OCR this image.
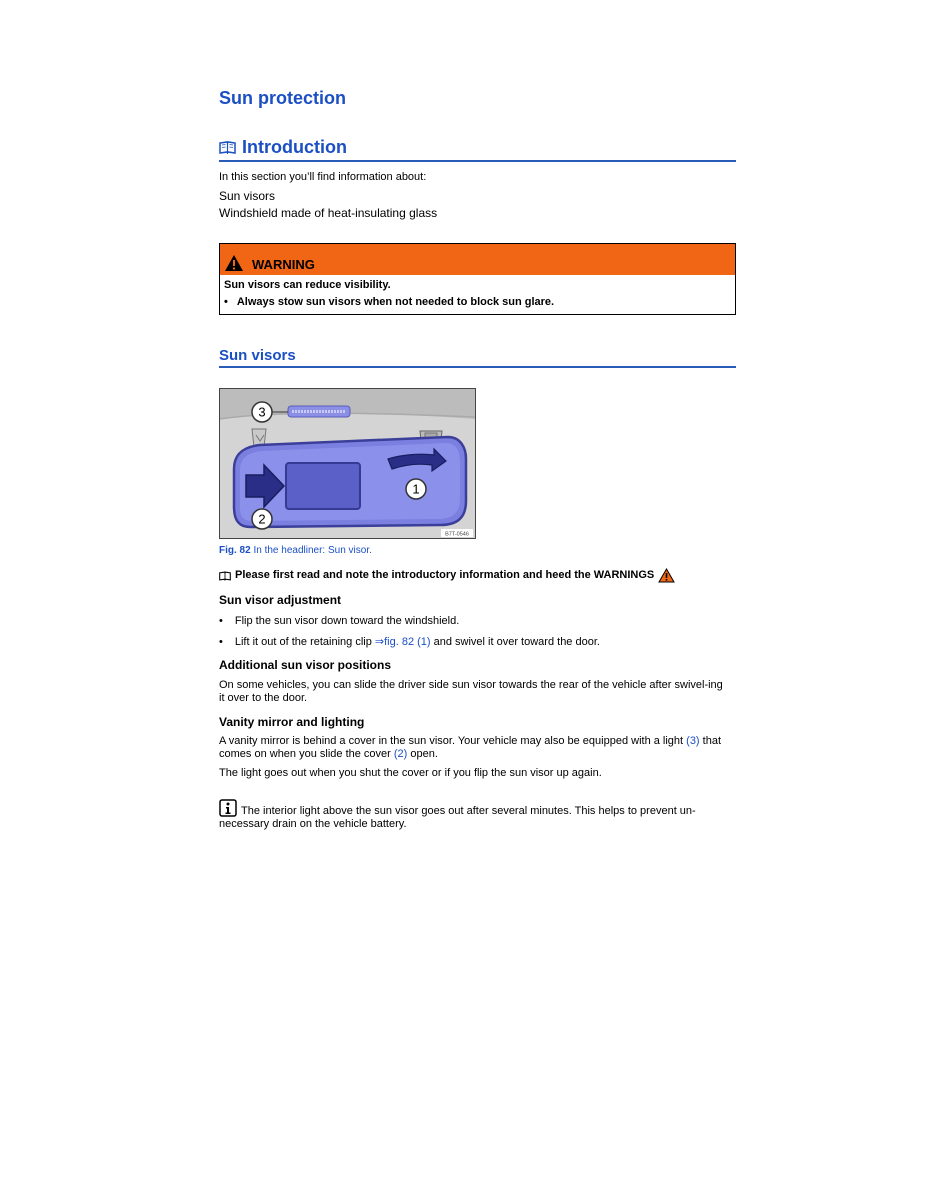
Sun protection
Introduction
In this section you’ll find information about:
Sun visors
Windshield made of heat-insulating glass
WARNING
Sun visors can reduce visibility.
• Always stow sun visors when not needed to block sun glare.
Sun visors
1
2
3
B7T-0546
Fig. 82 In the headliner: Sun visor.
Please first read and note the introductory information and heed the WARNINGS
Sun visor adjustment
• Flip the sun visor down toward the windshield.
• Lift it out of the retaining clip ⇒fig. 82 (1) and swivel it over toward the door.
Additional sun visor positions
On some vehicles, you can slide the driver side sun visor towards the rear of the vehicle after swivel-ing it over to the door.
Vanity mirror and lighting
A vanity mirror is behind a cover in the sun visor. Your vehicle may also be equipped with a light (3) that comes on when you slide the cover (2) open.
The light goes out when you shut the cover or if you flip the sun visor up again.
The interior light above the sun visor goes out after several minutes. This helps to prevent un-necessary drain on the vehicle battery.
